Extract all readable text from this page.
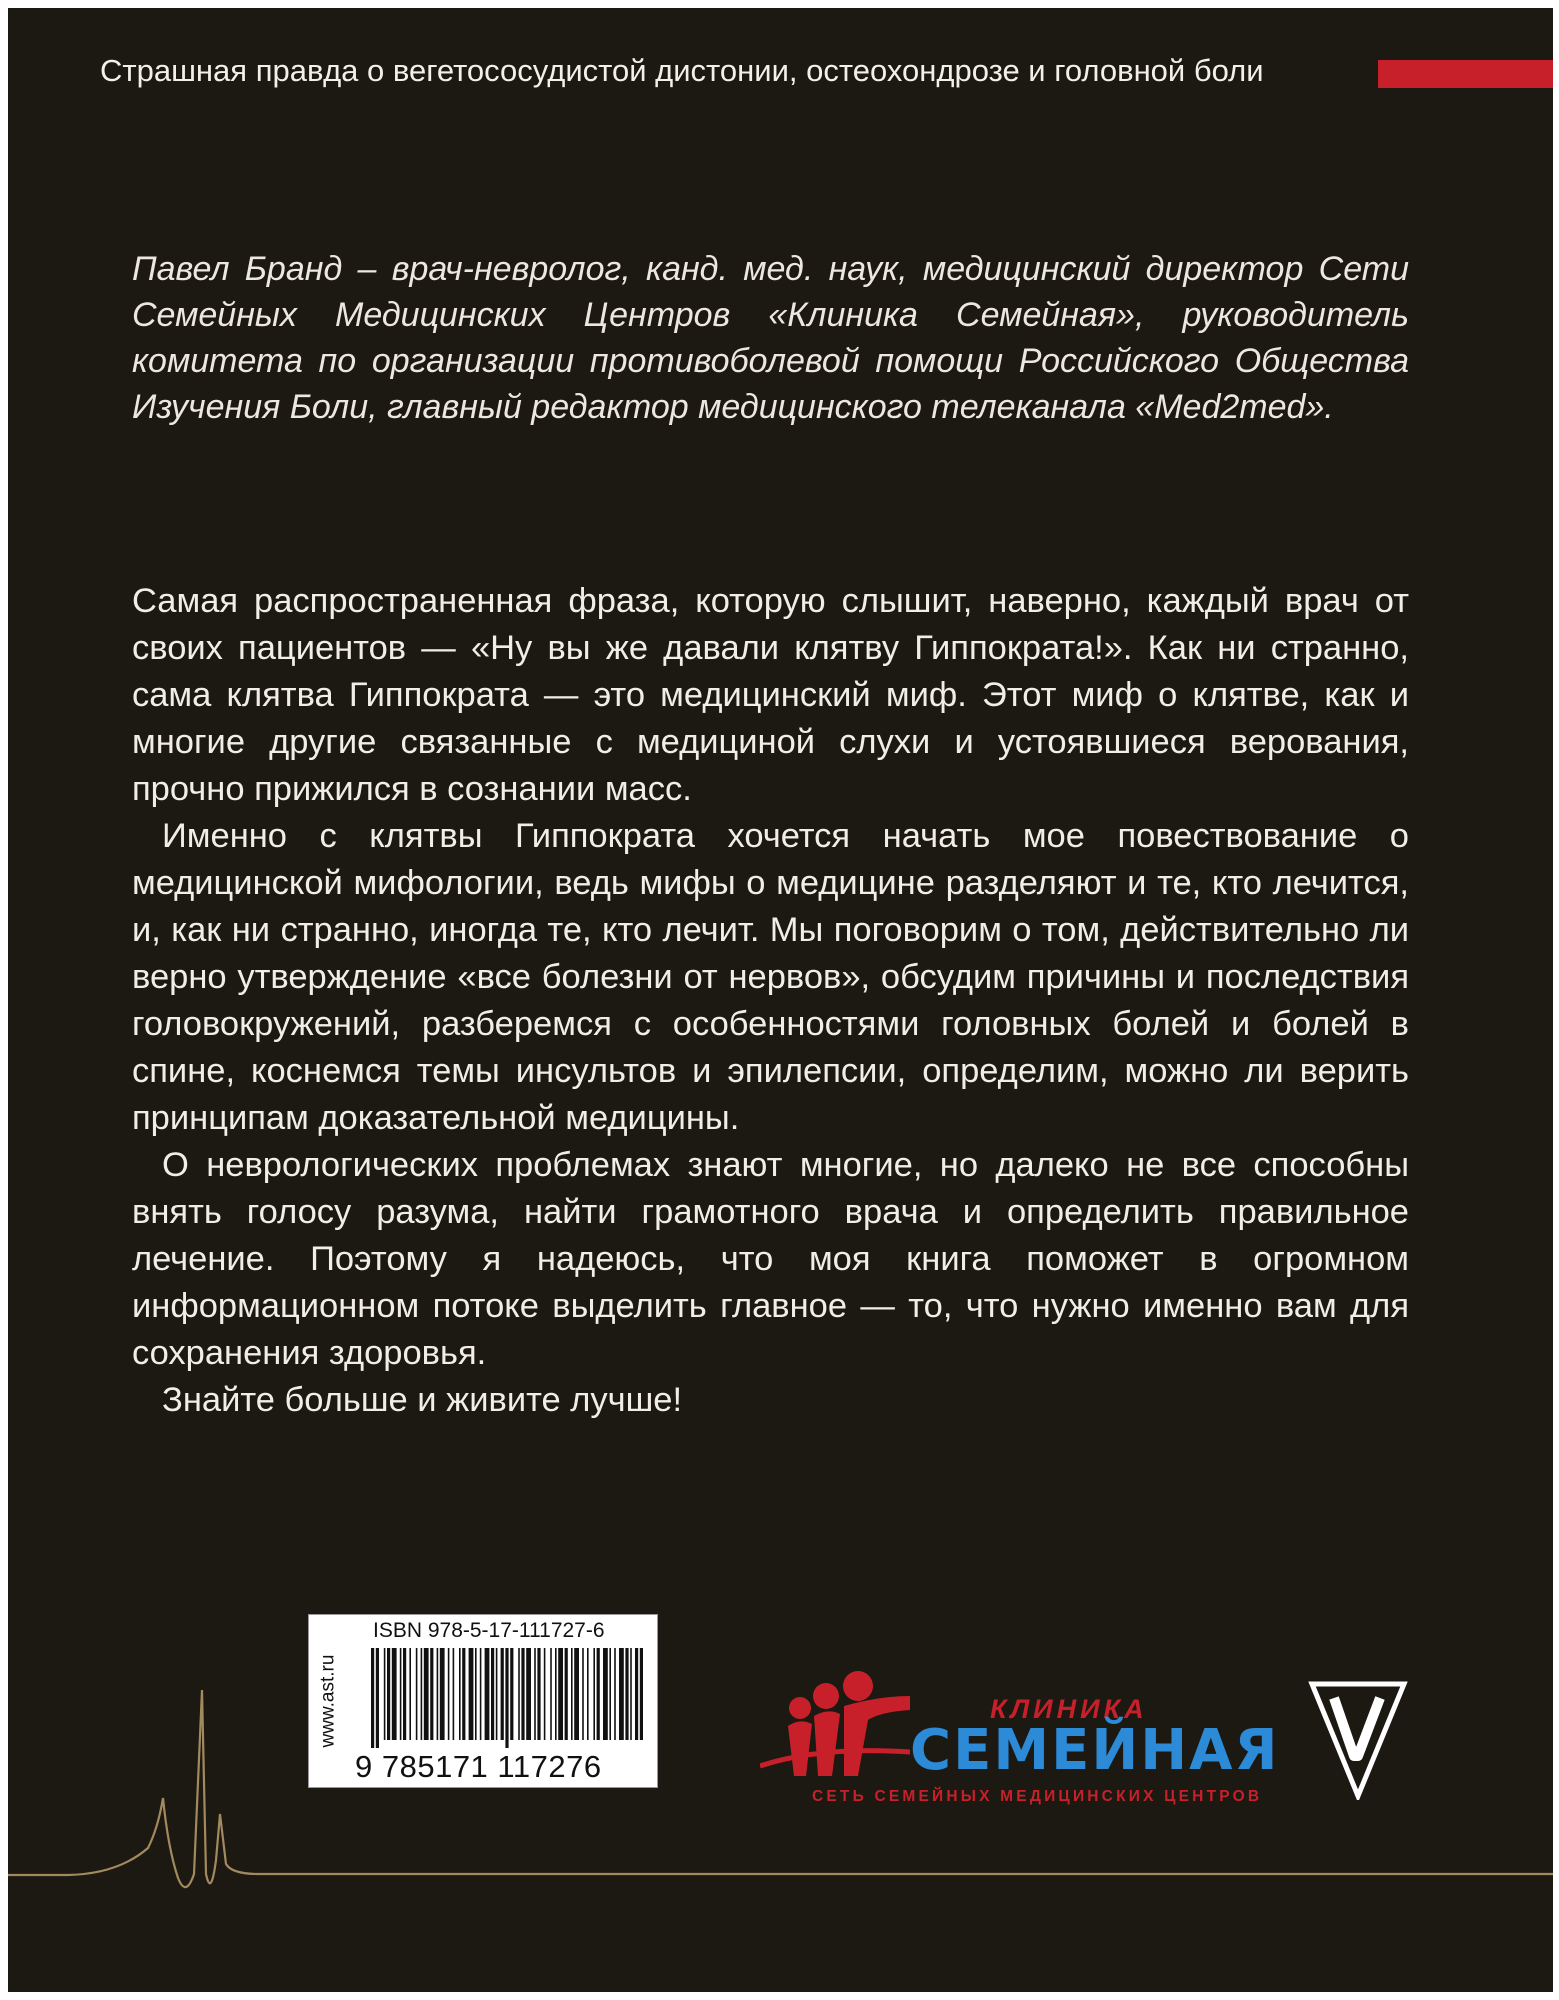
Страшная правда о вегетососудистой дистонии, остеохондрозе и головной боли
Павел Бранд – врач-невролог, канд. мед. наук, медицинский директор Сети Семейных Медицинских Центров «Клиника Семейная», руководитель комитета по организации противоболевой помощи Российского Общества Изучения Боли, главный редактор медицинского телеканала «Med2med».

Самая распространенная фраза, которую слышит, наверно, каждый врач от своих пациентов — «Ну вы же давали клятву Гиппократа!». Как ни странно, сама клятва Гиппократа — это медицинский миф. Этот миф о клятве, как и многие другие связанные с медициной слухи и устоявшиеся верования, прочно прижился в сознании масс.

Именно с клятвы Гиппократа хочется начать мое повествование о медицинской мифологии, ведь мифы о медицине разделяют и те, кто лечится, и, как ни странно, иногда те, кто лечит. Мы поговорим о том, действительно ли верно утверждение «все болезни от нервов», обсудим причины и последствия головокружений, разберемся с особенностями головных болей и болей в спине, коснемся темы инсультов и эпилепсии, определим, можно ли верить принципам доказательной медицины.

О неврологических проблемах знают многие, но далеко не все способны внять голосу разума, найти грамотного врача и определить правильное лечение. Поэтому я надеюсь, что моя книга поможет в огромном информационном потоке выделить главное — то, что нужно именно вам для сохранения здоровья.

Знайте больше и живите лучше!

www.ast.ru
ISBN 978-5-17-111727-6
9 785171 117276
КЛИНИКА
СЕМЕЙНАЯ
СЕТЬ СЕМЕЙНЫХ МЕДИЦИНСКИХ ЦЕНТРОВ
